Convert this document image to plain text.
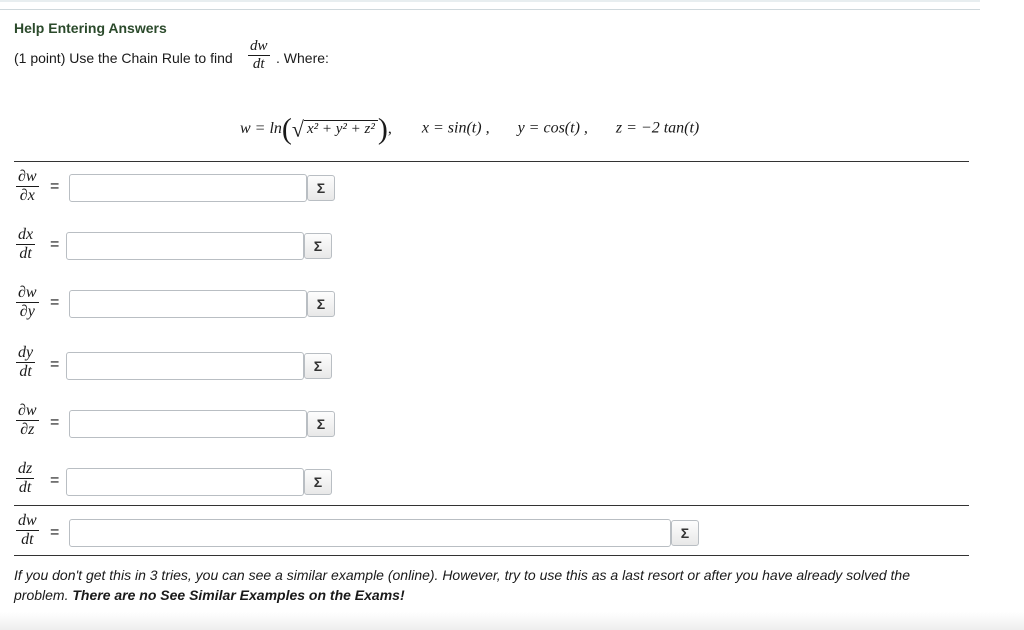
Help Entering Answers
(1 point) Use the Chain Rule to find $\frac{dw}{dt}$ . Where:
w = ln(√ x² + y² + z² ), x = sin(t) , y = cos(t) , z = −2 tan(t)
$\frac{\partial w}{\partial x}$ =	Σ
$\frac{dx}{dt}$ =	Σ
$\frac{\partial w}{\partial y}$ =	Σ
$\frac{dy}{dt}$ =	Σ
$\frac{\partial w}{\partial z}$ =	Σ
$\frac{dz}{dt}$ =	Σ
$\frac{dw}{dt}$ =	Σ
If you don't get this in 3 tries, you can see a similar example (online). However, try to use this as a last resort or after you have already solved the problem. There are no See Similar Examples on the Exams!
